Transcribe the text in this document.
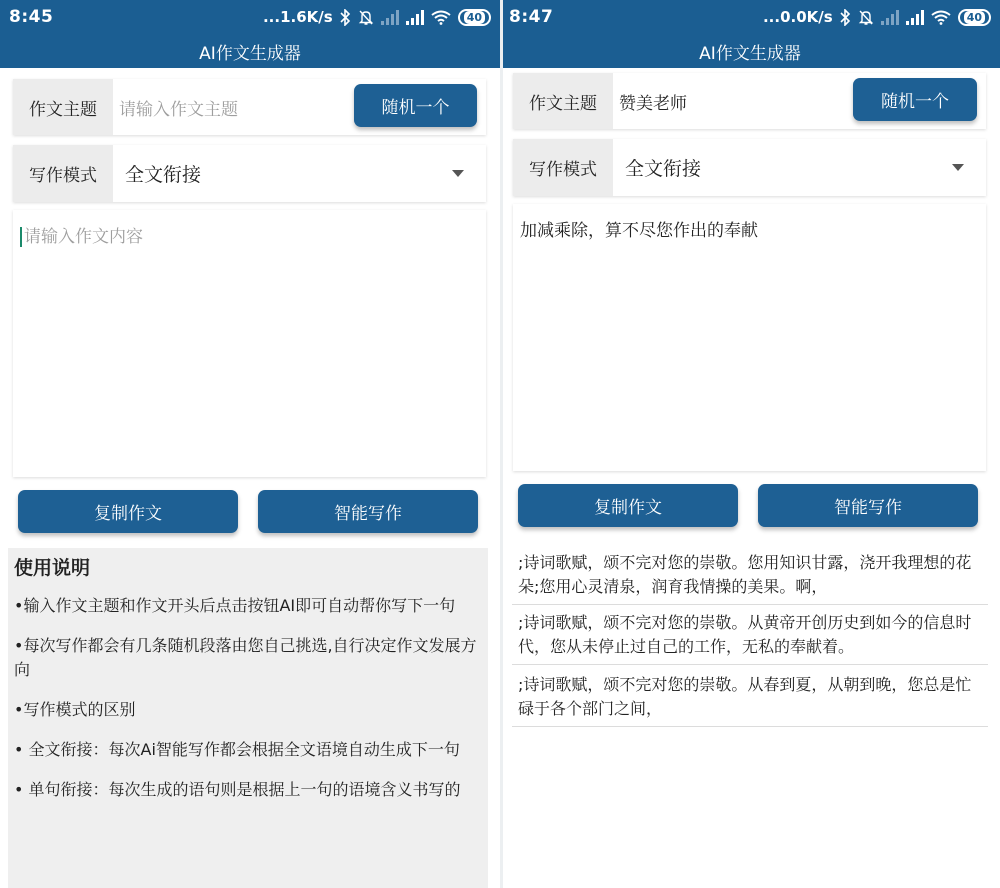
8:45	...1.6K/s	40
AI作文生成器
作文主题	请输入作文主题	随机一个
写作模式	全文衔接
请输入作文内容
复制作文	智能写作
使用说明

•输入作文主题和作文开头后点击按钮AI即可自动帮你写下一句

•每次写作都会有几条随机段落由您自己挑选,自行决定作文发展方向

•写作模式的区别

• 全文衔接：每次Ai智能写作都会根据全文语境自动生成下一句

• 单句衔接：每次生成的语句则是根据上一句的语境含义书写的

8:47	...0.0K/s	40
AI作文生成器
作文主题	赞美老师	随机一个
写作模式	全文衔接
加减乘除，算不尽您作出的奉献
复制作文	智能写作
;诗词歌赋，颂不完对您的崇敬。您用知识甘露，浇开我理想的花朵;您用心灵清泉，润育我情操的美果。啊，
;诗词歌赋，颂不完对您的崇敬。从黄帝开创历史到如今的信息时代，您从未停止过自己的工作，无私的奉献着。
;诗词歌赋，颂不完对您的崇敬。从春到夏，从朝到晚，您总是忙碌于各个部门之间，
